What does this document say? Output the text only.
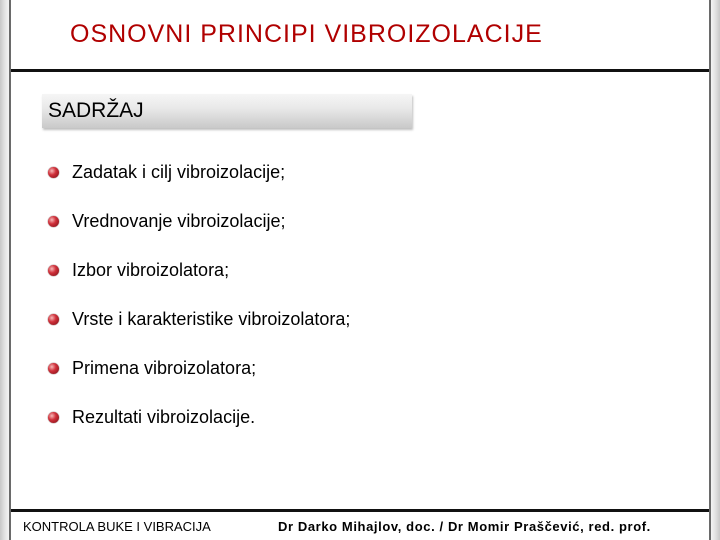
OSNOVNI PRINCIPI VIBROIZOLACIJE
SADRŽAJ
Zadatak i cilj vibroizolacije;
Vrednovanje vibroizolacije;
Izbor vibroizolatora;
Vrste i karakteristike vibroizolatora;
Primena vibroizolatora;
Rezultati vibroizolacije.
KONTROLA BUKE I VIBRACIJA	Dr Darko Mihajlov, doc. / Dr Momir Praščević, red. prof.
